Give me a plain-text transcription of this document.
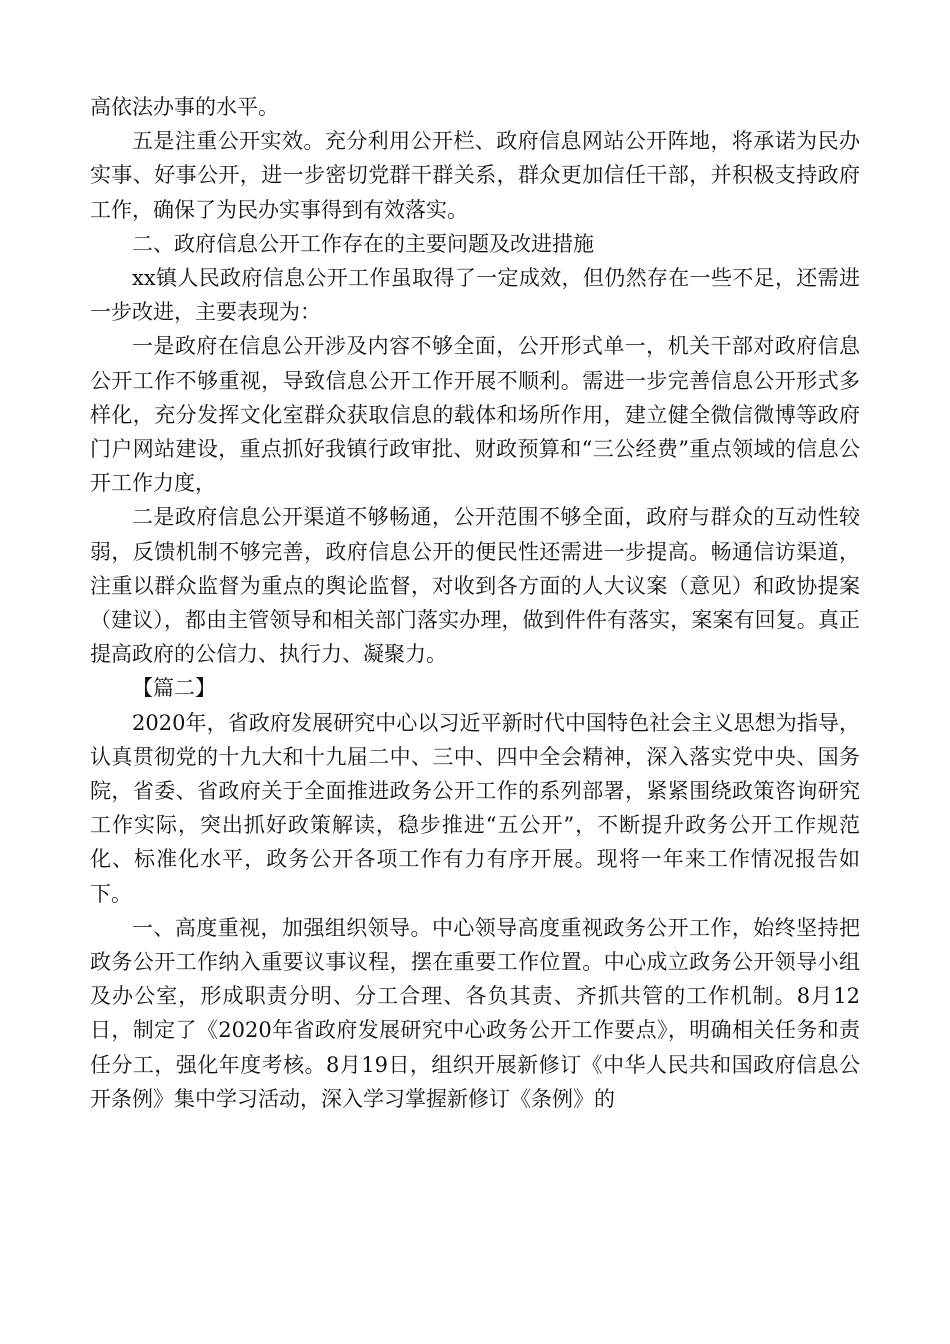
高依法办事的水平。

五是注重公开实效。充分利用公开栏、政府信息网站公开阵地，将承诺为民办实事、好事公开，进一步密切党群干群关系，群众更加信任干部，并积极支持政府工作，确保了为民办实事得到有效落实。

二、政府信息公开工作存在的主要问题及改进措施

xx镇人民政府信息公开工作虽取得了一定成效，但仍然存在一些不足，还需进一步改进，主要表现为：

一是政府在信息公开涉及内容不够全面，公开形式单一，机关干部对政府信息公开工作不够重视，导致信息公开工作开展不顺利。需进一步完善信息公开形式多样化，充分发挥文化室群众获取信息的载体和场所作用，建立健全微信微博等政府门户网站建设，重点抓好我镇行政审批、财政预算和“三公经费”重点领域的信息公开工作力度，

二是政府信息公开渠道不够畅通，公开范围不够全面，政府与群众的互动性较弱，反馈机制不够完善，政府信息公开的便民性还需进一步提高。畅通信访渠道，注重以群众监督为重点的舆论监督，对收到各方面的人大议案（意见）和政协提案（建议），都由主管领导和相关部门落实办理，做到件件有落实，案案有回复。真正提高政府的公信力、执行力、凝聚力。

【篇二】

2020年，省政府发展研究中心以习近平新时代中国特色社会主义思想为指导，认真贯彻党的十九大和十九届二中、三中、四中全会精神，深入落实党中央、国务院，省委、省政府关于全面推进政务公开工作的系列部署，紧紧围绕政策咨询研究工作实际，突出抓好政策解读，稳步推进“五公开”，不断提升政务公开工作规范化、标准化水平，政务公开各项工作有力有序开展。现将一年来工作情况报告如下。

一、高度重视，加强组织领导。中心领导高度重视政务公开工作，始终坚持把政务公开工作纳入重要议事议程，摆在重要工作位置。中心成立政务公开领导小组及办公室，形成职责分明、分工合理、各负其责、齐抓共管的工作机制。8月12日，制定了《2020年省政府发展研究中心政务公开工作要点》，明确相关任务和责任分工，强化年度考核。8月19日，组织开展新修订《中华人民共和国政府信息公开条例》集中学习活动，深入学习掌握新修订《条例》的
